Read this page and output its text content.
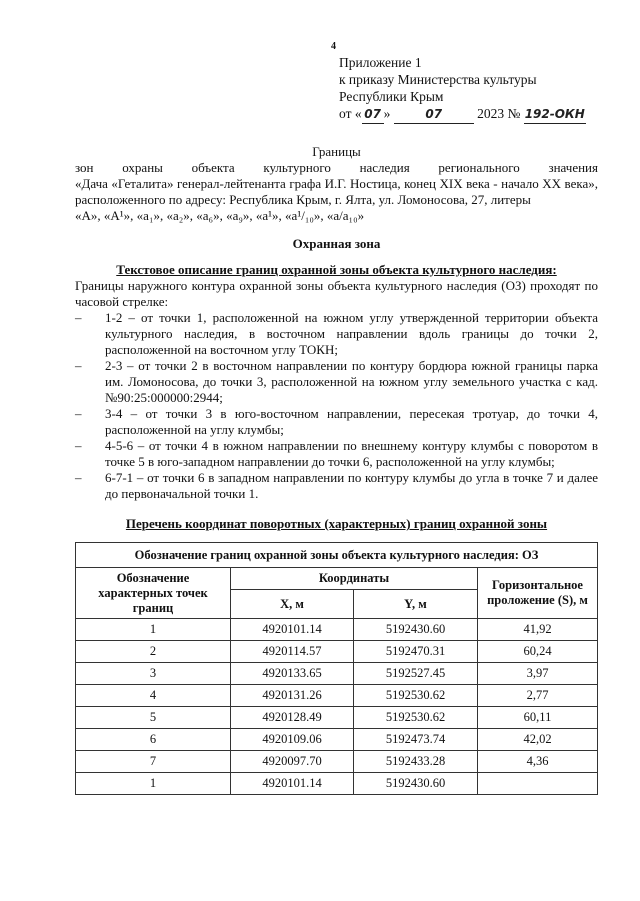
4
Приложение 1
к приказу Министерства культуры
Республики Крым
от « 07 »	07	2023 № 192-ОКН
Границы
зон охраны объекта культурного наследия регионального значения
«Дача «Геталита» генерал-лейтенанта графа И.Г. Ностица, конец XIX века - начало XX века», расположенного по адресу: Республика Крым, г. Ялта, ул. Ломоносова, 27, литеры
«А», «А¹», «а₁», «а₂», «а₆», «а₉», «а¹», «а¹/₁₀», «а/а₁₀»
Охранная зона
Текстовое описание границ охранной зоны объекта культурного наследия:
Границы наружного контура охранной зоны объекта культурного наследия (ОЗ) проходят по часовой стрелке:
– 1-2 – от точки 1, расположенной на южном углу утвержденной территории объекта культурного наследия, в восточном направлении вдоль границы до точки 2, расположенной на восточном углу ТОКН;
– 2-3 – от точки 2 в восточном направлении по контуру бордюра южной границы парка им. Ломоносова, до точки 3, расположенной на южном углу земельного участка с кад. №90:25:000000:2944;
– 3-4 – от точки 3 в юго-восточном направлении, пересекая тротуар, до точки 4, расположенной на углу клумбы;
– 4-5-6 – от точки 4 в южном направлении по внешнему контуру клумбы с поворотом в точке 5 в юго-западном направлении до точки 6, расположенной на углу клумбы;
– 6-7-1 – от точки 6 в западном направлении по контуру клумбы до угла в точке 7 и далее до первоначальной точки 1.
Перечень координат поворотных (характерных) границ охранной зоны
Обозначение границ охранной зоны объекта культурного наследия: ОЗ			
Обозначение характерных точек границ	Координаты		Горизонтальное проложение (S), м
	X, м	Y, м	
1	4920101.14	5192430.60	41,92
2	4920114.57	5192470.31	60,24
3	4920133.65	5192527.45	3,97
4	4920131.26	5192530.62	2,77
5	4920128.49	5192530.62	60,11
6	4920109.06	5192473.74	42,02
7	4920097.70	5192433.28	4,36
1	4920101.14	5192430.60	
